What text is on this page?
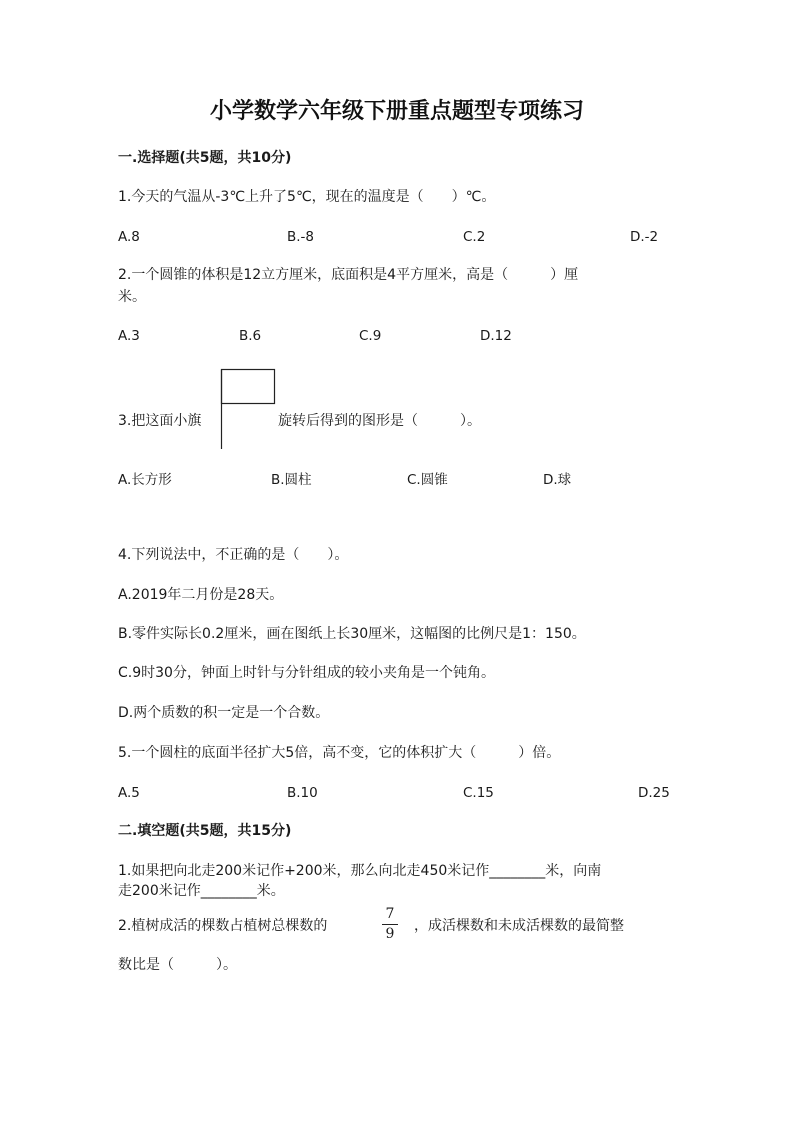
小学数学六年级下册重点题型专项练习
一.选择题(共5题，共10分)
1.今天的气温从-3℃上升了5℃，现在的温度是（　　）℃。
A.8	B.-8	C.2	D.-2
2.一个圆锥的体积是12立方厘米，底面积是4平方厘米，高是（　　　）厘
米。
A.3	B.6	C.9	D.12
3.把这面小旗	旋转后得到的图形是（　　　）。
A.长方形	B.圆柱	C.圆锥	D.球
4.下列说法中，不正确的是（　　）。
A.2019年二月份是28天。
B.零件实际长0.2厘米，画在图纸上长30厘米，这幅图的比例尺是1：150。
C.9时30分，钟面上时针与分针组成的较小夹角是一个钝角。
D.两个质数的积一定是一个合数。
5.一个圆柱的底面半径扩大5倍，高不变，它的体积扩大（　　　）倍。
A.5	B.10	C.15	D.25
二.填空题(共5题，共15分)
1.如果把向北走200米记作+200米，那么向北走450米记作________米，向南
走200米记作________米。
2.植树成活的棵数占植树总棵数的
7
9	，成活棵数和未成活棵数的最简整
数比是（　　　）。
